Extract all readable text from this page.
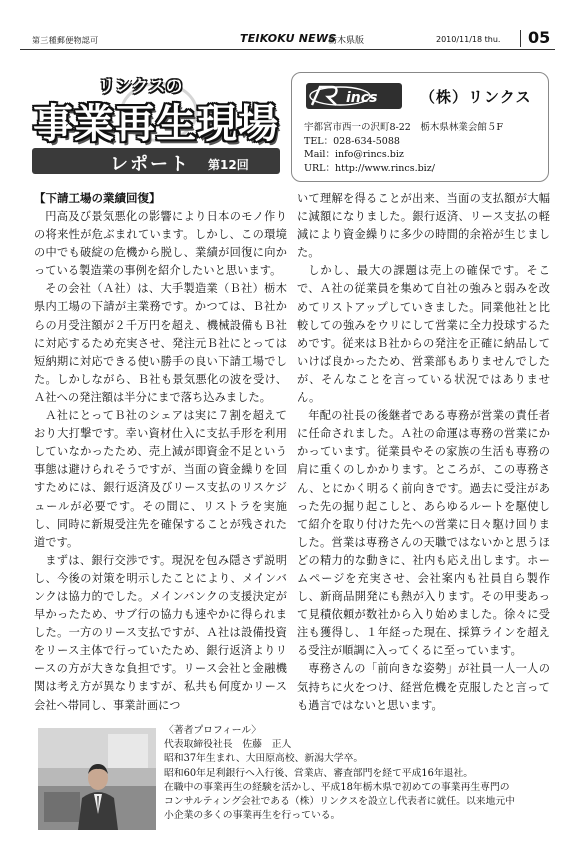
第三種郵便物認可	TEIKOKU NEWS
栃木県版	2010/11/18 thu. 05
リンクスの
事業再生現場
レポート 第12回
incs	（株）リンクス
宇都宮市西一の沢町8-22　栃木県林業会館５F
TEL：028-634-5088
Mail：info@rincs.biz
URL：http://www.rincs.biz/
【下請工場の業績回復】

円高及び景気悪化の影響により日本のモノ作りの将来性が危ぶまれています。しかし、この環境の中でも破綻の危機から脱し、業績が回復に向かっている製造業の事例を紹介したいと思います。

その会社（Ａ社）は、大手製造業（Ｂ社）栃木県内工場の下請が主業務です。かつては、Ｂ社からの月受注額が２千万円を超え、機械設備もＢ社に対応するため充実させ、発注元Ｂ社にとっては短納期に対応できる使い勝手の良い下請工場でした。しかしながら、Ｂ社も景気悪化の波を受け、Ａ社への発注額は半分にまで落ち込みました。

Ａ社にとってＢ社のシェアは実に７割を超えており大打撃です。幸い資材仕入に支払手形を利用していなかったため、売上減が即資金不足という事態は避けられそうですが、当面の資金繰りを回すためには、銀行返済及びリース支払のリスケジュールが必要です。その間に、リストラを実施し、同時に新規受注先を確保することが残された道です。

まずは、銀行交渉です。現況を包み隠さず説明し、今後の対策を明示したことにより、メインバンクは協力的でした。メインバンクの支援決定が早かったため、サブ行の協力も速やかに得られました。一方のリース支払ですが、Ａ社は設備投資をリース主体で行っていたため、銀行返済よりリースの方が大きな負担です。リース会社と金融機関は考え方が異なりますが、私共も何度かリース会社へ帯同し、事業計画につ

いて理解を得ることが出来、当面の支払額が大幅に減額になりました。銀行返済、リース支払の軽減により資金繰りに多少の時間的余裕が生じました。

しかし、最大の課題は売上の確保です。そこで、Ａ社の従業員を集めて自社の強みと弱みを改めてリストアップしていきました。同業他社と比較しての強みをウリにして営業に全力投球するためです。従来はＢ社からの発注を正確に納品していけば良かったため、営業部もありませんでしたが、そんなことを言っている状況ではありません。

年配の社長の後継者である専務が営業の責任者に任命されました。Ａ社の命運は専務の営業にかかっています。従業員やその家族の生活も専務の肩に重くのしかかります。ところが、この専務さん、とにかく明るく前向きです。過去に受注があった先の掘り起こしと、あらゆるルートを駆使して紹介を取り付けた先への営業に日々駆け回りました。営業は専務さんの天職ではないかと思うほどの精力的な動きに、社内も応え出します。ホームページを充実させ、会社案内も社員自ら製作し、新商品開発にも熱が入ります。その甲斐あって見積依頼が数社から入り始めました。徐々に受注も獲得し、１年経った現在、採算ラインを超える受注が順調に入ってくるに至っています。

専務さんの「前向きな姿勢」が社員一人一人の気持ちに火をつけ、経営危機を克服したと言っても過言ではないと思います。

〈著者プロフィール〉
代表取締役社長　佐藤　正人
昭和37年生まれ、大田原高校、新潟大学卒。
昭和60年足利銀行へ入行後、営業店、審査部門を経て平成16年退社。
在職中の事業再生の経験を活かし、平成18年栃木県で初めての事業再生専門の
コンサルティング会社である（株）リンクスを設立し代表者に就任。以来地元中
小企業の多くの事業再生を行っている。
